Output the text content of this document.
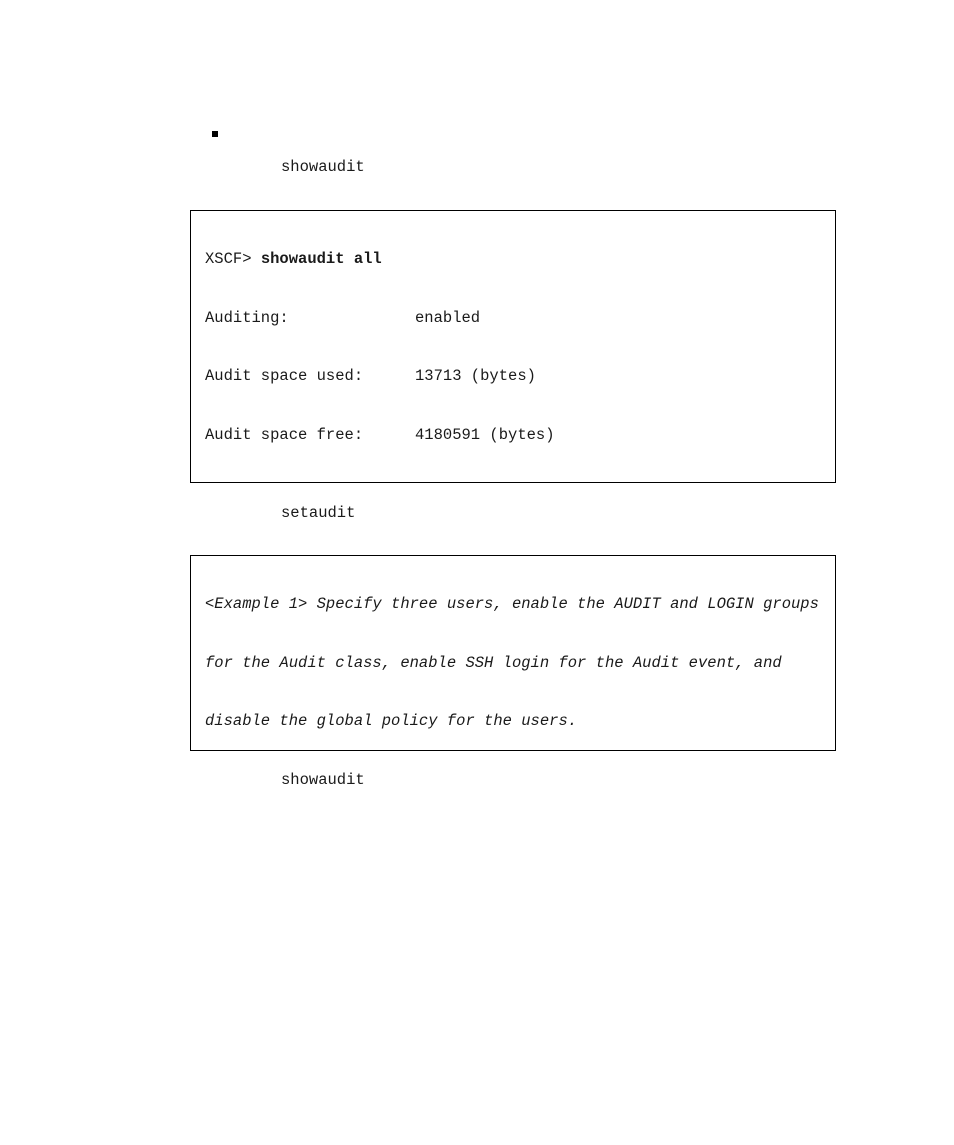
showaudit

XSCF> showaudit all

Auditing:	enabled

Audit space used:	13713 (bytes)

Audit space free:	4180591 (bytes)

setaudit

<Example 1> Specify three users, enable the AUDIT and LOGIN groups

for the Audit class, enable SSH login for the Audit event, and

disable the global policy for the users.

showaudit
